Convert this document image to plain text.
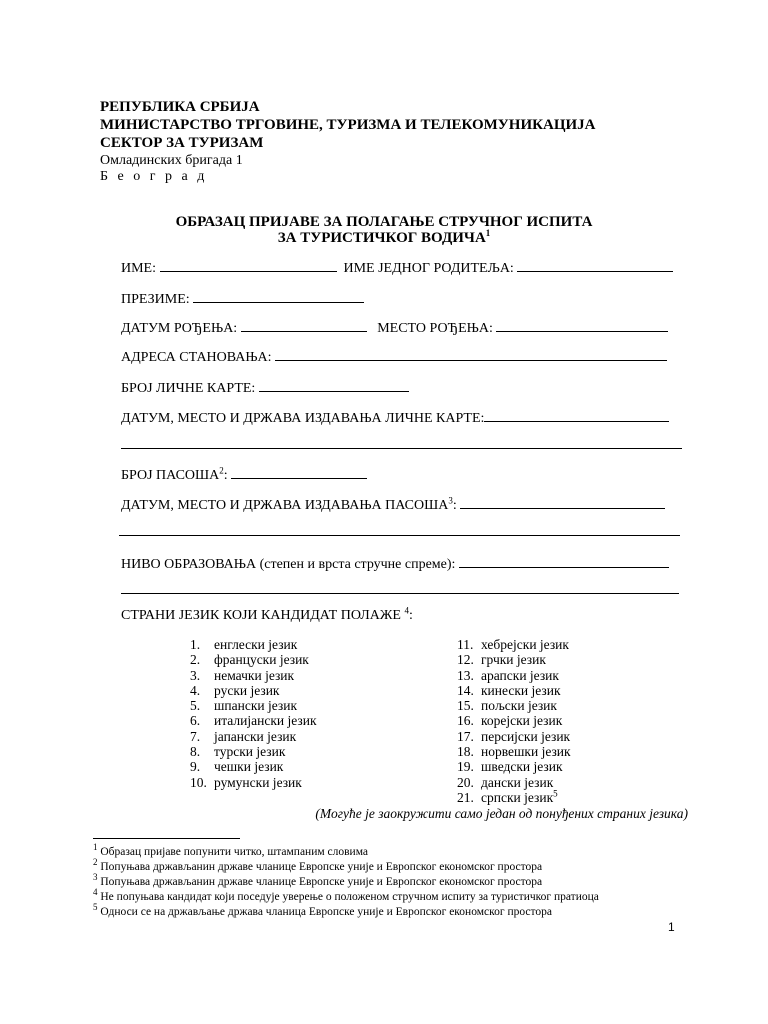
РЕПУБЛИКА СРБИЈА
МИНИСТАРСТВО ТРГОВИНЕ, ТУРИЗМА И ТЕЛЕКОМУНИКАЦИЈА
СЕКТОР ЗА ТУРИЗАМ
Омладинских бригада 1
Б е о г р а д
ОБРАЗАЦ ПРИЈАВЕ ЗА ПОЛАГАЊЕ СТРУЧНОГ ИСПИТА
ЗА ТУРИСТИЧКОГ ВОДИЧА$^1$
ИМЕ:	ИМЕ ЈЕДНОГ РОДИТЕЉА:
ПРЕЗИМЕ:
ДАТУМ РОЂЕЊА:	МЕСТО РОЂЕЊА:
АДРЕСА СТАНОВАЊА:
БРОЈ ЛИЧНЕ КАРТЕ:
ДАТУМ, МЕСТО И ДРЖАВА ИЗДАВАЊА ЛИЧНЕ КАРТЕ:
БРОЈ ПАСОША$^2$:
ДАТУМ, МЕСТО И ДРЖАВА ИЗДАВАЊА ПАСОША$^3$:
НИВО ОБРАЗОВАЊА (степен и врста стручне спреме):
СТРАНИ ЈЕЗИК КОЈИ КАНДИДАТ ПОЛАЖЕ $^4$:
1. енглески језик
2. француски језик
3. немачки језик
4. руски језик
5. шпански језик
6. италијански језик
7. јапански језик
8. турски језик
9. чешки језик
10. румунски језик
11. хебрејски језик
12. грчки језик
13. арапски језик
14. кинески језик
15. пољски језик
16. корејски језик
17. персијски језик
18. норвешки језик
19. шведски језик
20. дански језик
21. српски језик$^5$
(Могуће је заокружити само један од понуђених страних језика)
$^1$ Образац пријаве попунити читко, штампаним словима
$^2$ Попуњава држављанин државе чланице Европске уније и Европског економског простора
$^3$ Попуњава држављанин државе чланице Европске уније и Европског економског простора
$^4$ Не попуњава кандидат који поседује уверење о положеном стручном испиту за туристичког пратиоца
$^5$ Односи се на држављање држава чланица Европске уније и Европског економског простора
1
